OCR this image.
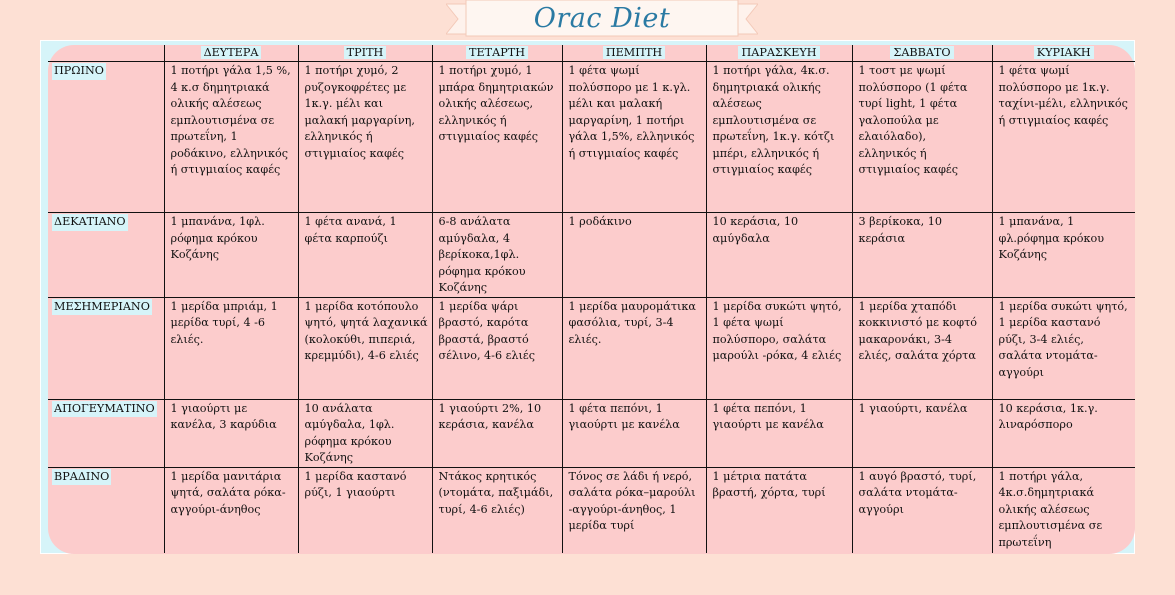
Orac Diet
	ΔΕΥΤΕΡΑ	ΤΡΙΤΗ	ΤΕΤΑΡΤΗ	ΠΕΜΠΤΗ	ΠΑΡΑΣΚΕΥΗ	ΣΑΒΒΑΤΟ	ΚΥΡΙΑΚΗ
ΠΡΩΙΝΟ	1 ποτήρι γάλα 1,5 %, 4 κ.σ δημητριακά ολικής αλέσεως εμπλουτισμένα σε πρωτεΐνη, 1 ροδάκινο, ελληνικός ή στιγμιαίος καφές	1 ποτήρι χυμό, 2 ρυζογκοφρέτες με 1κ.γ. μέλι και μαλακή μαργαρίνη, ελληνικός ή στιγμιαίος καφές	1 ποτήρι χυμό, 1 μπάρα δημητριακών ολικής αλέσεως, ελληνικός ή στιγμιαίος καφές	1 φέτα ψωμί πολύσπορο με 1 κ.γλ. μέλι και μαλακή μαργαρίνη, 1 ποτήρι γάλα 1,5%, ελληνικός ή στιγμιαίος καφές	1 ποτήρι γάλα, 4κ.σ. δημητριακά ολικής αλέσεως εμπλουτισμένα σε πρωτεΐνη, 1κ.γ. κότζι μπέρι, ελληνικός ή στιγμιαίος καφές	1 τοστ με ψωμί πολύσπορο (1 φέτα τυρί light, 1 φέτα γαλοπούλα με ελαιόλαδο), ελληνικός ή στιγμιαίος καφές	1 φέτα ψωμί πολύσπορο με 1κ.γ. ταχίνι-μέλι, ελληνικός ή στιγμιαίος καφές

ΔΕΚΑΤΙΑΝΟ	1 μπανάνα, 1φλ. ρόφημα κρόκου Κοζάνης	1 φέτα ανανά, 1 φέτα καρπούζι	6-8 ανάλατα αμύγδαλα, 4 βερίκοκα,1φλ. ρόφημα κρόκου Κοζάνης	1 ροδάκινο	10 κεράσια, 10 αμύγδαλα	3 βερίκοκα, 10 κεράσια	1 μπανάνα, 1 φλ.ρόφημα κρόκου Κοζάνης

ΜΕΣΗΜΕΡΙΑΝΟ	1 μερίδα μπριάμ, 1 μερίδα τυρί, 4 -6 ελιές.	1 μερίδα κοτόπουλο ψητό, ψητά λαχανικά (κολοκύθι, πιπεριά, κρεμμύδι), 4-6 ελιές	1 μερίδα ψάρι βραστό, καρότα βραστά, βραστό σέλινο, 4-6 ελιές	1 μερίδα μαυρομάτικα φασόλια, τυρί, 3-4 ελιές.	1 μερίδα συκώτι ψητό, 1 φέτα ψωμί πολύσπορο, σαλάτα μαρούλι -ρόκα, 4 ελιές	1 μερίδα χταπόδι κοκκινιστό με κοφτό μακαρονάκι, 3-4 ελιές, σαλάτα χόρτα	1 μερίδα συκώτι ψητό, 1 μερίδα καστανό ρύζι, 3-4 ελιές, σαλάτα ντομάτα-αγγούρι

ΑΠΟΓΕΥΜΑΤΙΝΟ	1 γιαούρτι με κανέλα, 3 καρύδια	10 ανάλατα αμύγδαλα, 1φλ. ρόφημα κρόκου Κοζάνης	1 γιαούρτι 2%, 10 κεράσια, κανέλα	1 φέτα πεπόνι, 1 γιαούρτι με κανέλα	1 φέτα πεπόνι, 1 γιαούρτι με κανέλα	1 γιαούρτι, κανέλα	10 κεράσια, 1κ.γ. λιναρόσπορο

ΒΡΑΔΙΝΟ	1 μερίδα μανιτάρια ψητά, σαλάτα ρόκα-αγγούρι-άνηθος	1 μερίδα καστανό ρύζι, 1 γιαούρτι	Ντάκος κρητικός (ντομάτα, παξιμάδι, τυρί, 4-6 ελιές)	Τόνος σε λάδι ή νερό, σαλάτα ρόκα–μαρούλι -αγγούρι-άνηθος, 1 μερίδα τυρί	1 μέτρια πατάτα βραστή, χόρτα, τυρί	1 αυγό βραστό, τυρί, σαλάτα ντομάτα-αγγούρι	1 ποτήρι γάλα, 4κ.σ.δημητριακά ολικής αλέσεως εμπλουτισμένα σε πρωτεΐνη
